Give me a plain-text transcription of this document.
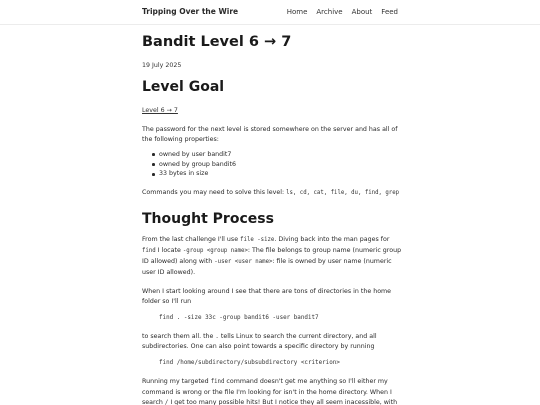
Tripping Over the Wire	Home Archive About Feed
Bandit Level 6 → 7
19 July 2025
Level Goal
Level 6 → 7

The password for the next level is stored somewhere on the server and has all of the following properties:

owned by user bandit7
owned by group bandit6
33 bytes in size

Commands you may need to solve this level: ls, cd, cat, file, du, find, grep

Thought Process

From the last challenge I'll use file -size. Diving back into the man pages for find I locate -group <group name>: The file belongs to group name (numeric group ID allowed) along with -user <user name>: file is owned by user name (numeric user ID allowed).

When I start looking around I see that there are tons of directories in the home folder so I'll run

find . -size 33c -group bandit6 -user bandit7

to search them all. the . tells Linux to search the current directory, and all subdirectories. One can also point towards a specific directory by running

find /home/subdirectory/subsubdirectory <criterion>

Running my targeted find command doesn't get me anything so I'll either my command is wrong or the file I'm looking for isn't in the home directory. When I search / I get too many possible hits! But I notice they all seem inacessible, with
